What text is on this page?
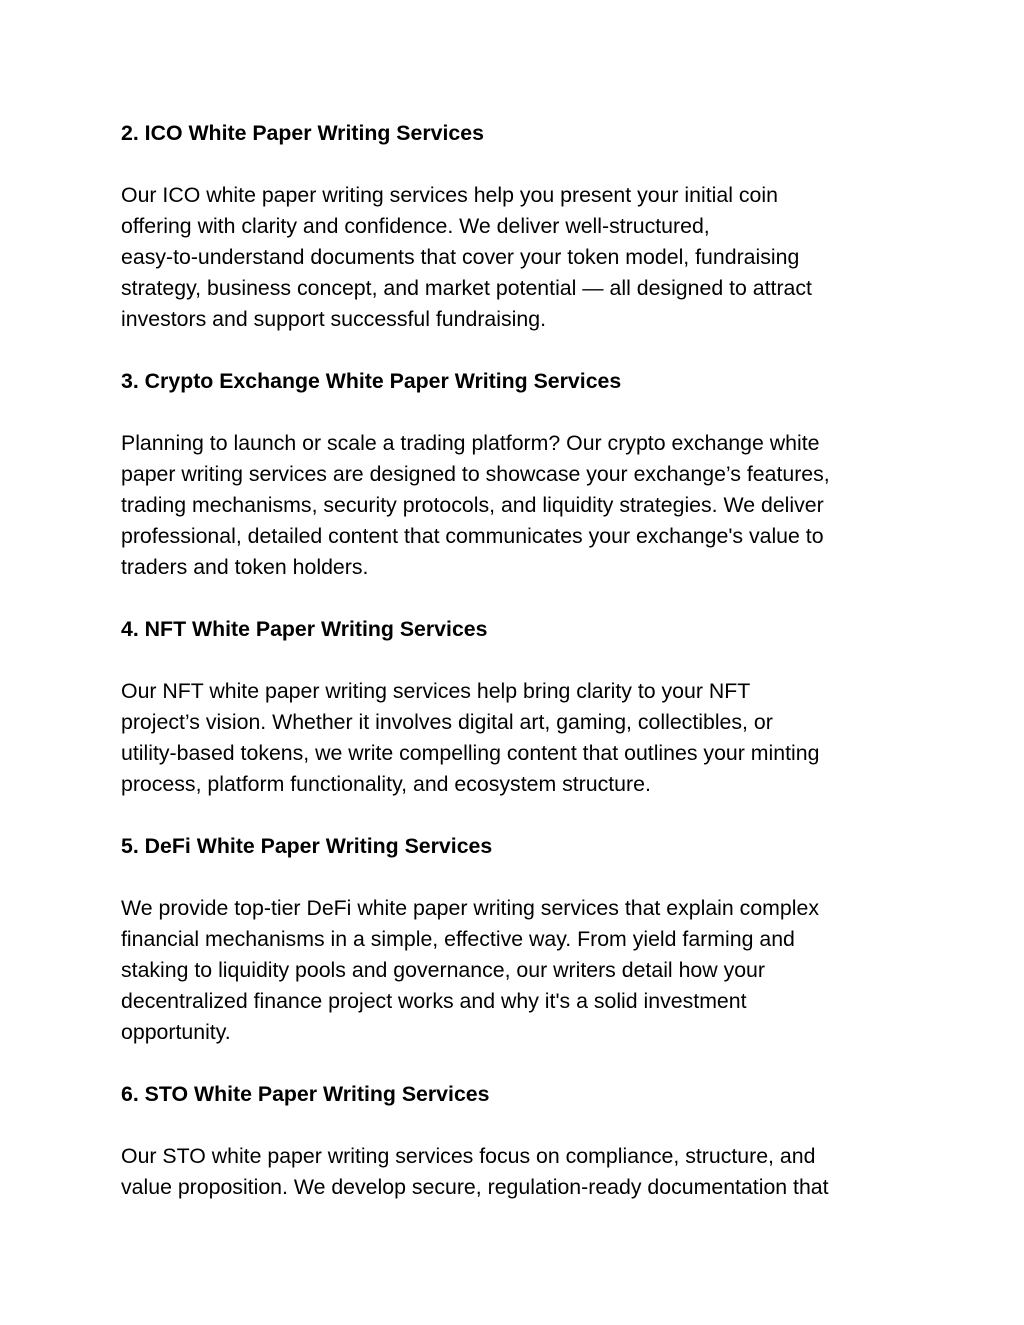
2. ICO White Paper Writing Services
Our ICO white paper writing services help you present your initial coin
offering with clarity and confidence. We deliver well-structured,
easy-to-understand documents that cover your token model, fundraising
strategy, business concept, and market potential — all designed to attract
investors and support successful fundraising.
3. Crypto Exchange White Paper Writing Services
Planning to launch or scale a trading platform? Our crypto exchange white
paper writing services are designed to showcase your exchange’s features,
trading mechanisms, security protocols, and liquidity strategies. We deliver
professional, detailed content that communicates your exchange's value to
traders and token holders.
4. NFT White Paper Writing Services
Our NFT white paper writing services help bring clarity to your NFT
project’s vision. Whether it involves digital art, gaming, collectibles, or
utility-based tokens, we write compelling content that outlines your minting
process, platform functionality, and ecosystem structure.
5. DeFi White Paper Writing Services
We provide top-tier DeFi white paper writing services that explain complex
financial mechanisms in a simple, effective way. From yield farming and
staking to liquidity pools and governance, our writers detail how your
decentralized finance project works and why it's a solid investment
opportunity.
6. STO White Paper Writing Services
Our STO white paper writing services focus on compliance, structure, and
value proposition. We develop secure, regulation-ready documentation that
